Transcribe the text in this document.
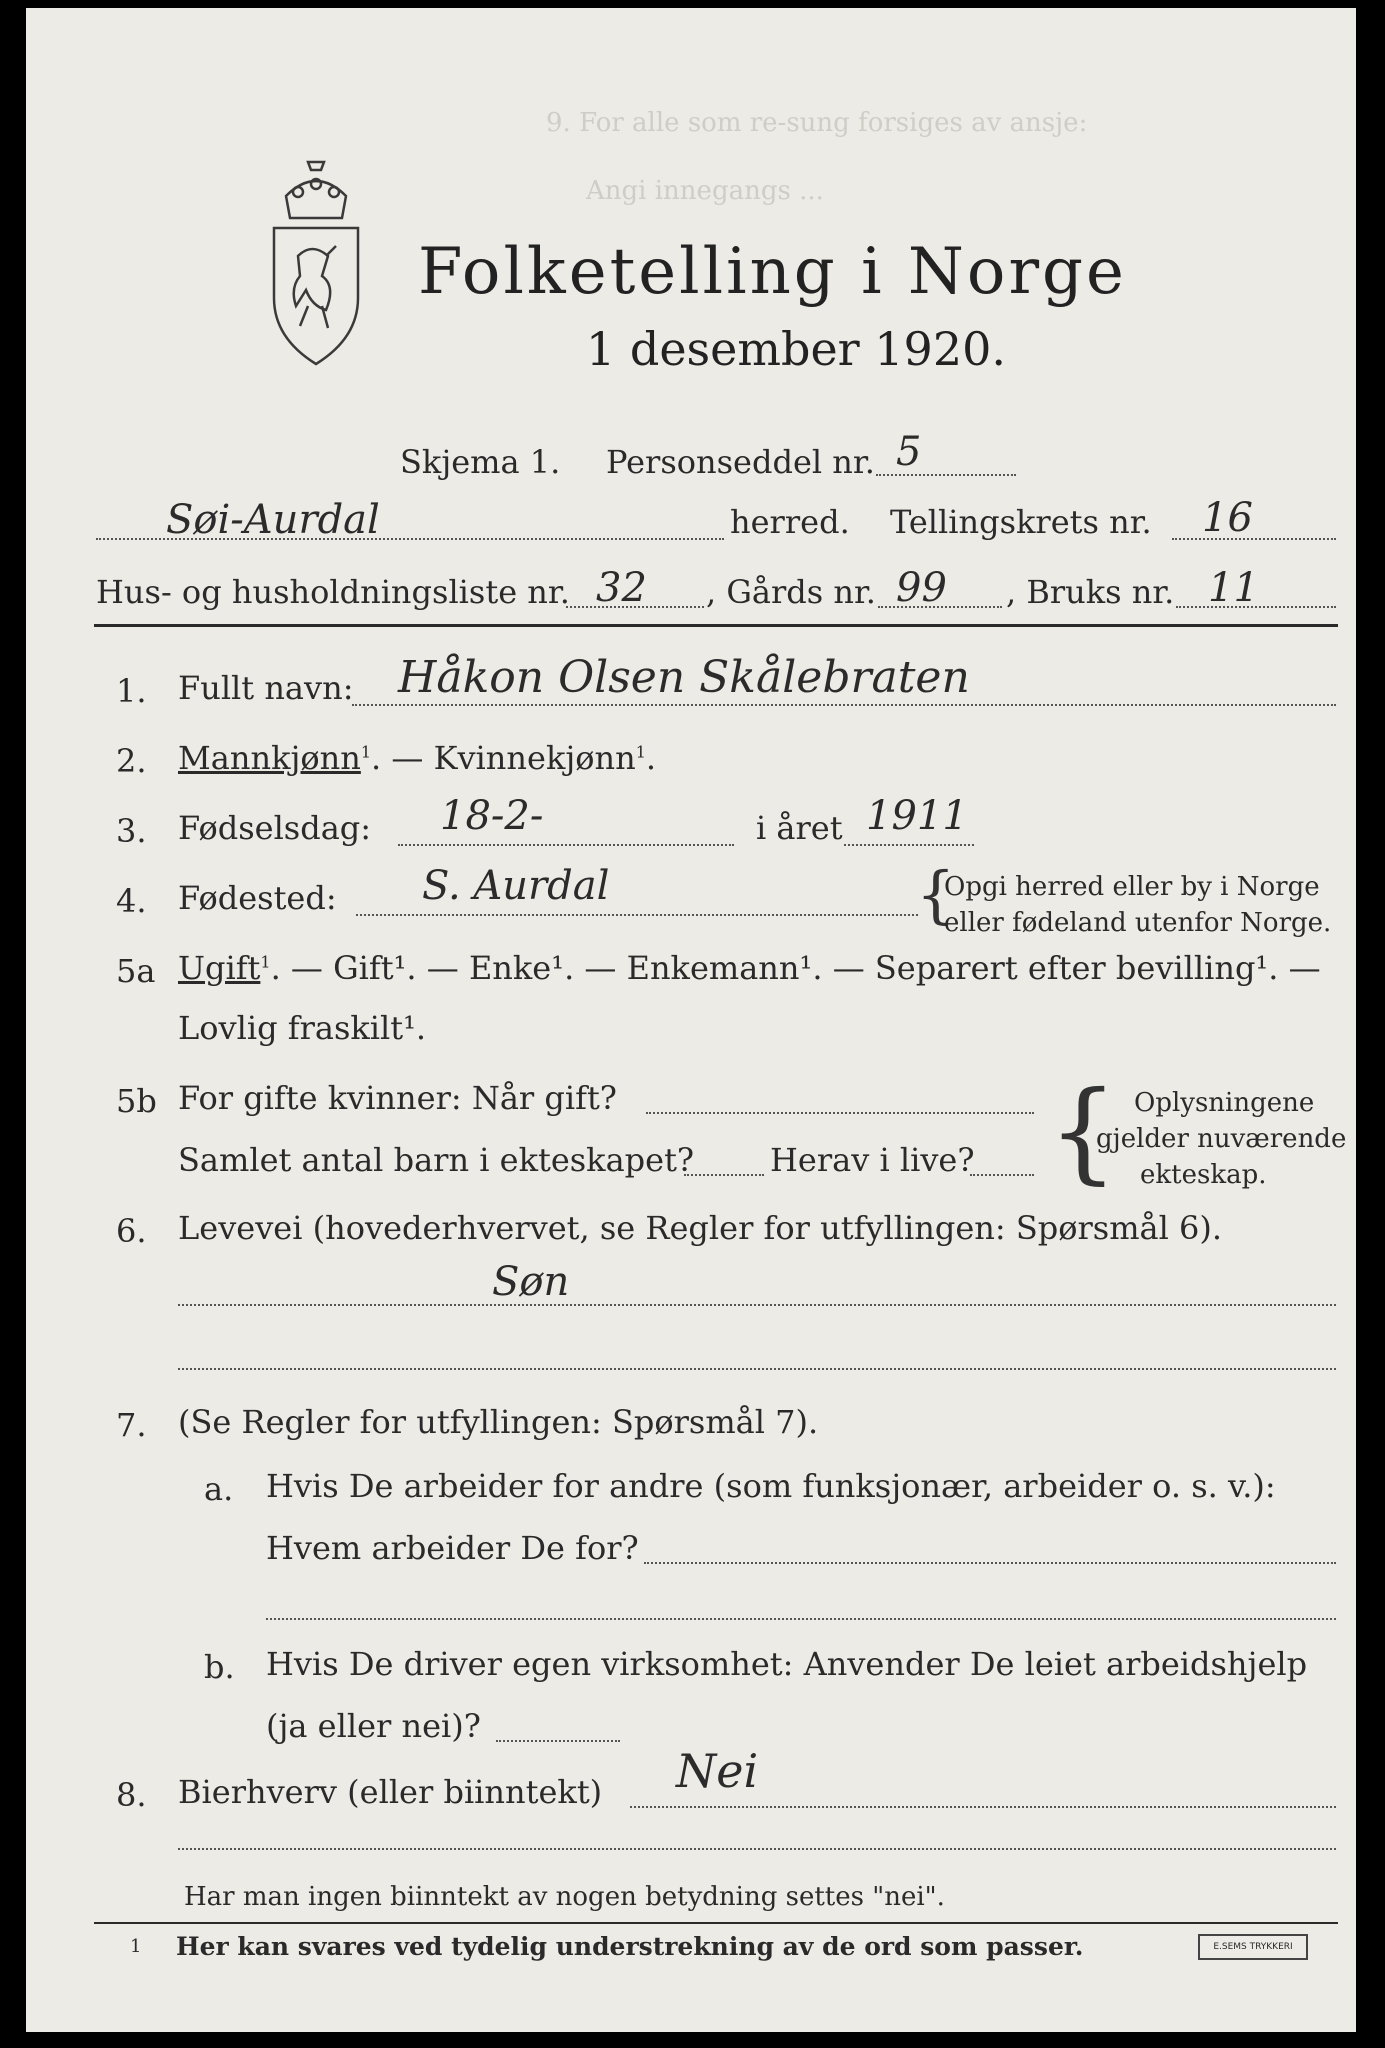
9. For alle som re-sung forsiges av ansje:
Angi innegangs ...
Folketelling i Norge
1 desember 1920.
Skjema 1. Personseddel nr. 5
Søi-Aurdal	herred. Tellingskrets nr. 16
Hus- og husholdningsliste nr. 32 , Gårds nr. 99 , Bruks nr. 11
1. Fullt navn: Håkon Olsen Skålebraten
2. Mannkjønn$^1$. — Kvinnekjønn$^1$.
3. Fødselsdag: 18-2-	i året 1911
4. Fødested: S. Aurdal	{
Opgi herred eller by i Norge
eller fødeland utenfor Norge.
5a Ugift$^1$. — Gift¹. — Enke¹. — Enkemann¹. — Separert efter bevilling¹. —
Lovlig fraskilt¹.
5b For gifte kvinner: Når gift?
Samlet antal barn i ekteskapet? Herav i live? { Oplysningene
gjelder nuværende
ekteskap.
6. Levevei (hovederhvervet, se Regler for utfyllingen: Spørsmål 6).
Søn
7. (Se Regler for utfyllingen: Spørsmål 7).
a. Hvis De arbeider for andre (som funksjonær, arbeider o. s. v.):
Hvem arbeider De for?
b. Hvis De driver egen virksomhet: Anvender De leiet arbeidshjelp
(ja eller nei)?
8. Bierhverv (eller biinntekt) Nei
Har man ingen biinntekt av nogen betydning settes "nei".
1 Her kan svares ved tydelig understrekning av de ord som passer.	E.SEMS TRYKKERI
